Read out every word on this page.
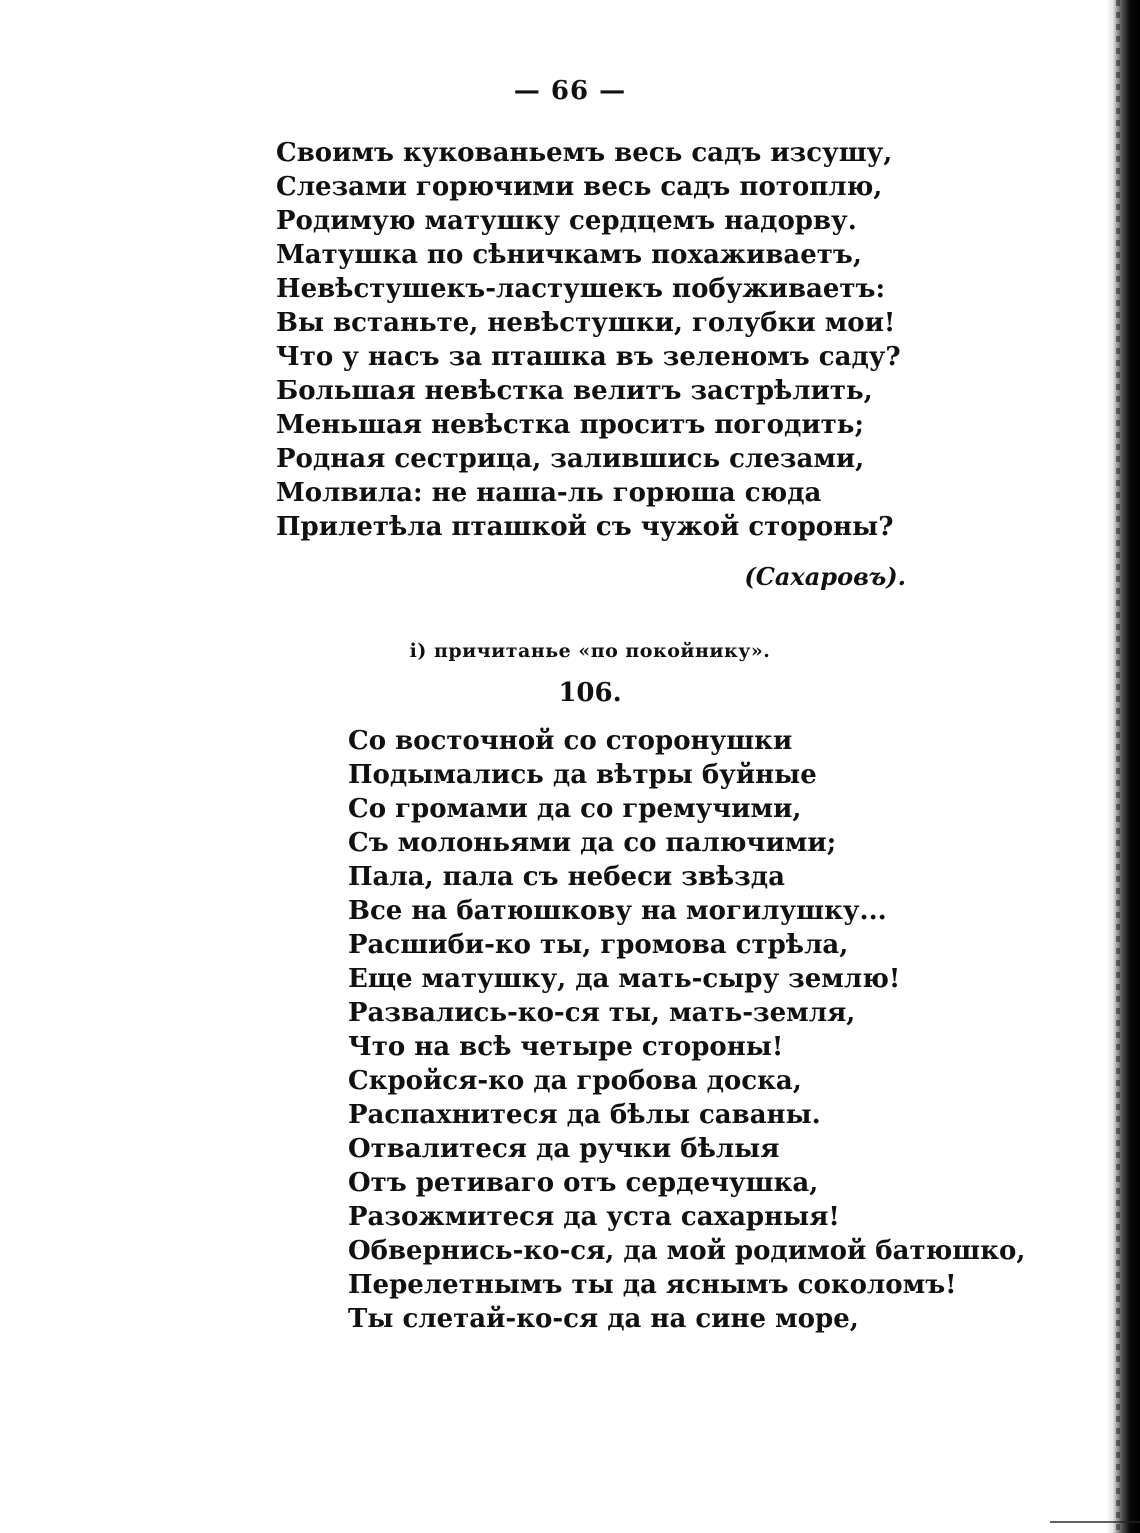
— 66 —
Своимъ кукованьемъ весь садъ изсушу,
Слезами горючими весь садъ потоплю,
Родимую матушку сердцемъ надорву.
Матушка по сѣничкамъ похаживаетъ,
Невѣстушекъ-ластушекъ побуживаетъ:
Вы встаньте, невѣстушки, голубки мои!
Что у насъ за пташка въ зеленомъ саду?
Большая невѣстка велитъ застрѣлить,
Меньшая невѣстка проситъ погодить;
Родная сестрица, залившись слезами,
Молвила: не наша-ль горюша сюда
Прилетѣла пташкой съ чужой стороны?
(Сахаровъ).
і) причитанье «по покойнику».
106.
Со восточной со сторонушки
Подымались да вѣтры буйные
Со громами да со гремучими,
Съ молоньями да со палючими;
Пала, пала съ небеси звѣзда
Все на батюшкову на могилушку...
Расшиби-ко ты, громова стрѣла,
Еще матушку, да мать-сыру землю!
Развались-ко-ся ты, мать-земля,
Что на всѣ четыре стороны!
Скройся-ко да гробова доска,
Распахнитеся да бѣлы саваны.
Отвалитеся да ручки бѣлыя
Отъ ретиваго отъ сердечушка,
Разожмитеся да уста сахарныя!
Обвернись-ко-ся, да мой родимой батюшко,
Перелетнымъ ты да яснымъ соколомъ!
Ты слетай-ко-ся да на сине море,
